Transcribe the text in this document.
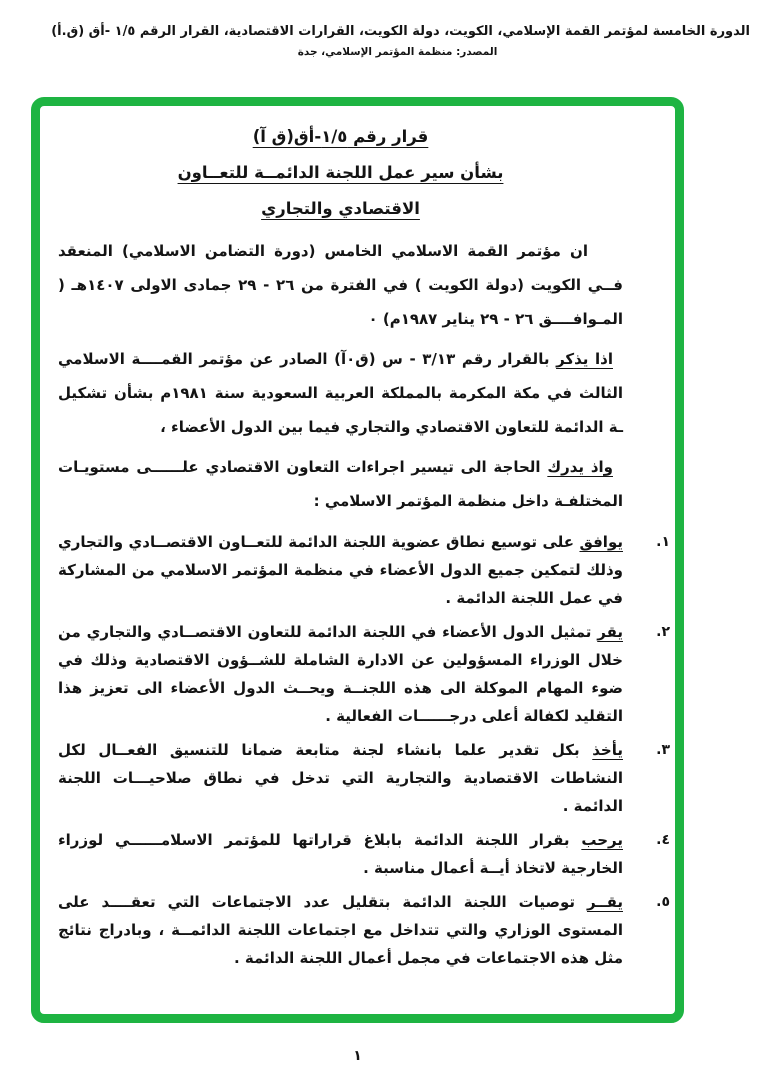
الدورة الخامسة لمؤتمر القمة الإسلامي، الكويت، دولة الكويت، القرارات الاقتصادية، القرار الرقم ١/٥ -أق (ق.أ)
المصدر: منظمة المؤتمر الإسلامي، جدة
قرار رقم ١/٥-أق(ق آ)
بشأن سير عمل اللجنة الدائمــة للتعــاون
الاقتصادي والتجاري

ان مؤتمر القمة الاسلامي الخامس (دورة التضامن الاسلامي) المنعقد فــي الكويت (دولة الكويت ) في الفترة من ٢٦ - ٢٩ جمادى الاولى ١٤٠٧هـ ( المـوافــــق ٢٦ - ٢٩ يناير ١٩٨٧م) ٠

اذا يذكر بالقرار رقم ٣/١٣ - س (ق٠آ) الصادر عن مؤتمر القمــــة الاسلامي الثالث في مكة المكرمة بالمملكة العربية السعودية سنة ١٩٨١م بشأن تشكيل ـة الدائمة للتعاون الاقتصادي والتجاري فيما بين الدول الأعضاء ،

واذ يدرك الحاجة الى تيسير اجراءات التعاون الاقتصادي علــــــى مستويـات المختلفـة داخل منظمة المؤتمر الاسلامي :

١.
يوافق على توسيع نطاق عضوية اللجنة الدائمة للتعــاون الاقتصــادي والتجاري وذلك لتمكين جميع الدول الأعضاء في منظمة المؤتمر الاسلامي من المشاركة في عمل اللجنة الدائمة .
٢.
يقر تمثيل الدول الأعضاء في اللجنة الدائمة للتعاون الاقتصــادي والتجاري من خلال الوزراء المسؤولين عن الادارة الشاملة للشــؤون الاقتصادية وذلك في ضوء المهام الموكلة الى هذه اللجنــة ويحــث الدول الأعضاء الى تعزيز هذا التقليد لكفالة أعلى درجــــــات الفعالية .
٣.
يأخذ بكل تقدير علما بانشاء لجنة متابعة ضمانا للتنسيق الفعــال لكل النشاطات الاقتصادية والتجارية التي تدخل في نطاق صلاحيـــات اللجنة الدائمة .
٤.
يرحب بقرار اللجنة الدائمة بابلاغ قراراتها للمؤتمر الاسلامــــــي لوزراء الخارجية لاتخاذ أيــة أعمال مناسبة .
٥.
يقــر توصيات اللجنة الدائمة بتقليل عدد الاجتماعات التي تعقــــد على المستوى الوزاري والتي تتداخل مع اجتماعات اللجنة الدائمــة ، وبادراج نتائج مثل هذه الاجتماعات في مجمل أعمال اللجنة الدائمة .
١
